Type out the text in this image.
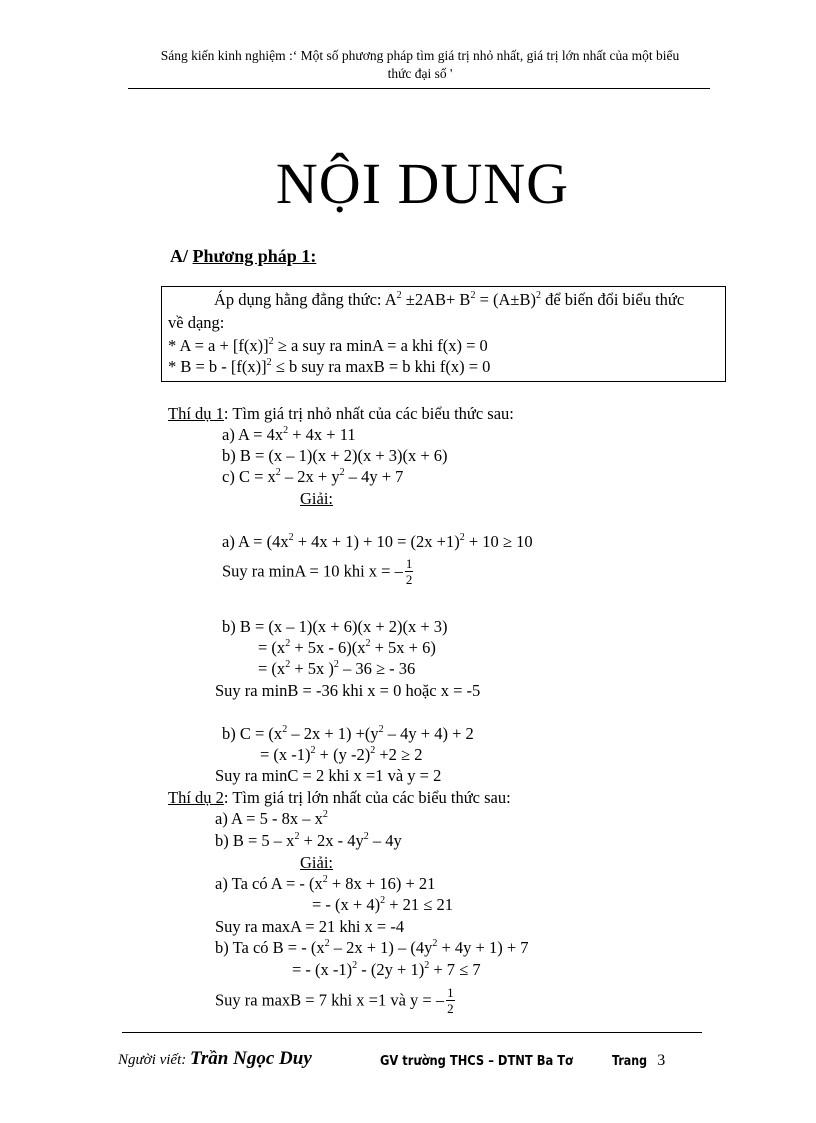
Sáng kiến kinh nghiệm :‘ Một số phương pháp tìm giá trị nhỏ nhất, giá trị lớn nhất của một biểu
thức đại số '
NỘI DUNG
A/ Phương pháp 1:
Áp dụng hằng đẳng thức: $A^2 \pm 2AB+ B^2 = (A\pm B)^2$ để biến đổi biểu thức
về dạng:
* $A = a + [f(x)]^2 \ge a$ suy ra minA = a khi f(x) = 0
* $B = b - [f(x)]^2 \le b$ suy ra maxB = b khi f(x) = 0
Thí dụ 1: Tìm giá trị nhỏ nhất của các biểu thức sau:
a) $A = 4x^2 + 4x + 11$
b) B = (x – 1)(x + 2)(x + 3)(x + 6)
c) $C = x^2 - 2x + y^2 - 4y + 7$
Giải:
a) $A = (4x^2 + 4x + 1) + 10 = (2x +1)^2 + 10 \ge 10$
Suy ra minA = 10 khi x = – $\frac{1}{2}$
b) B = (x – 1)(x + 6)(x + 2)(x + 3)
= $(x^2 + 5x - 6)(x^2 + 5x + 6)$
= ($x^2 + 5x$ )$^2$ – 36 ≥ - 36
Suy ra minB = -36 khi x = 0 hoặc x = -5
b) $C = (x^2 - 2x + 1) +(y^2 - 4y + 4) + 2$
= (x -1)$^2$ + (y -2)$^2$ +2 ≥ 2
Suy ra minC = 2 khi x =1 và y = 2
Thí dụ 2: Tìm giá trị lớn nhất của các biểu thức sau:
a) $A = 5 - 8x - x^2$
b) $B = 5 - x^2 + 2x - 4y^2 - 4y$
Giải:
a) Ta có A = - $(x^2 + 8x + 16) + 21$
= - $(x + 4)^2 + 21 \le 21$
Suy ra maxA = 21 khi x = -4
b) Ta có B = - $(x^2 - 2x + 1) - (4y^2 + 4y + 1) + 7$
= - (x $-1)^2 - (2y + 1)^2 + 7 \le 7$
Suy ra maxB = 7 khi x =1 và y = – $\frac{1}{2}$
Người viết: Trần Ngọc Duy	GV trường THCS – DTNT Ba Tơ	Trang 3
